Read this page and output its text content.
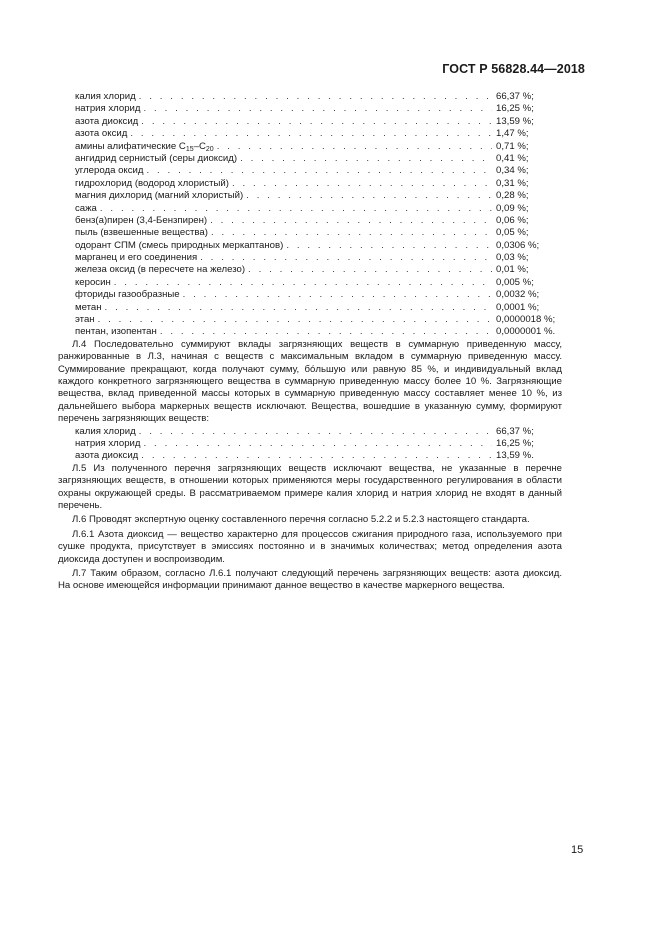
ГОСТ Р 56828.44—2018
калия хлорид . . .	66,37 %;
натрия хлорид . . .	16,25 %;
азота диоксид . . .	13,59 %;
азота оксид . . .	1,47 %;
амины алифатические $C_{15}-C_{20}$ . . .	0,71 %;
ангидрид сернистый (серы диоксид) . . .	0,41 %;
углерода оксид . . .	0,34 %;
гидрохлорид (водород хлористый) . . .	0,31 %;
магния дихлорид (магний хлористый) . . .	0,28 %;
сажа . . .	0,09 %;
бенз(а)пирен (3,4-Бензпирен) . . .	0,06 %;
пыль (взвешенные вещества) . . .	0,05 %;
одорант СПМ (смесь природных меркаптанов) . . .	0,0306 %;
марганец и его соединения . . .	0,03 %;
железа оксид (в пересчете на железо) . . .	0,01 %;
керосин . . .	0,005 %;
фториды газообразные . . .	0,0032 %;
метан . . .	0,0001 %;
этан . . .	0,0000018 %;
пентан, изопентан . . .	0,0000001 %.

Л.4 Последовательно суммируют вклады загрязняющих веществ в суммарную приведенную массу, ранжированные в Л.3, начиная с веществ с максимальным вкладом в суммарную приведенную массу. Суммирование прекращают, когда получают сумму, бо́льшую или равную 85 %, и индивидуальный вклад каждого конкретного загрязняющего вещества в суммарную приведенную массу более 10 %. Загрязняющие вещества, вклад приведенной массы которых в суммарную приведенную массу составляет менее 10 %, из дальнейшего выбора маркерных веществ исключают. Вещества, вошедшие в указанную сумму, формируют перечень загрязняющих веществ:

калия хлорид . . .	66,37 %;
натрия хлорид . . .	16,25 %;
азота диоксид . . .	13,59 %.

Л.5 Из полученного перечня загрязняющих веществ исключают вещества, не указанные в перечне загрязняющих веществ, в отношении которых применяются меры государственного регулирования в области охраны окружающей среды. В рассматриваемом примере калия хлорид и натрия хлорид не входят в данный перечень.

Л.6 Проводят экспертную оценку составленного перечня согласно 5.2.2 и 5.2.3 настоящего стандарта.

Л.6.1 Азота диоксид — вещество характерно для процессов сжигания природного газа, используемого при сушке продукта, присутствует в эмиссиях постоянно и в значимых количествах; метод определения азота диоксида доступен и воспроизводим.

Л.7 Таким образом, согласно Л.6.1 получают следующий перечень загрязняющих веществ: азота диоксид. На основе имеющейся информации принимают данное вещество в качестве маркерного вещества.

15
